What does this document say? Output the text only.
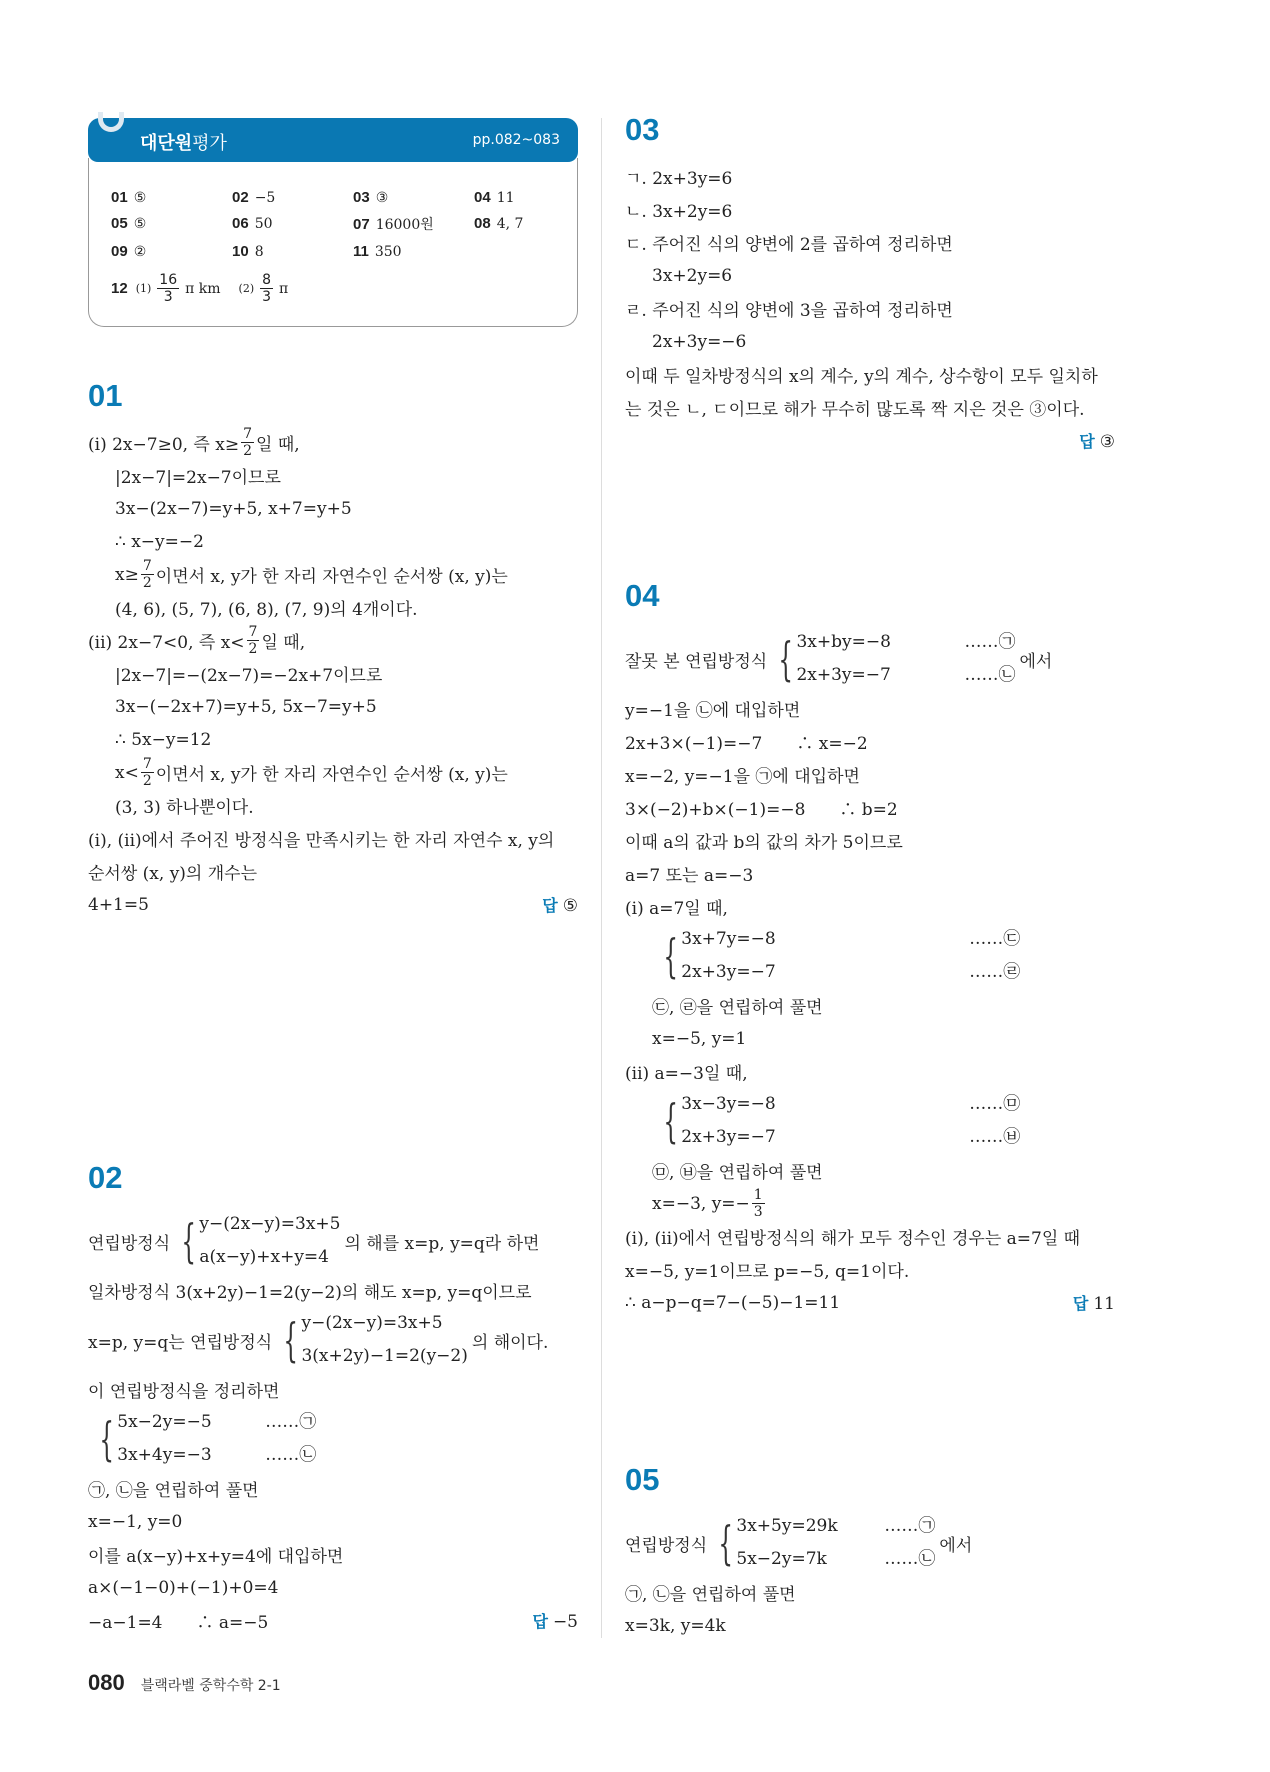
대단원평가	pp.082~083
01 ⑤	02 −5	03 ③	04 11
05 ⑤	06 50	07 16000원	08 4, 7
09 ②	10 8	11 350
12 $(1) \frac{16}{3}$ π km $(2) \frac{8}{3}$ π
01
(i) 2x−7≥0, 즉 $x\ge \frac{7}{2}$ 일 때,
|2x−7|=2x−7이므로
3x−(2x−7)=y+5, x+7=y+5
∴ x−y=−2
$x\ge \frac{7}{2}$ 이면서 x, y가 한 자리 자연수인 순서쌍 (x, y)는
(4, 6), (5, 7), (6, 8), (7, 9)의 4개이다.
(ii) 2x−7<0, 즉 $x< \frac{7}{2}$ 일 때,
|2x−7|=−(2x−7)=−2x+7이므로
3x−(−2x+7)=y+5, 5x−7=y+5
∴ 5x−y=12
$x< \frac{7}{2}$ 이면서 x, y가 한 자리 자연수인 순서쌍 (x, y)는
(3, 3) 하나뿐이다.
(i), (ii)에서 주어진 방정식을 만족시키는 한 자리 자연수 x, y의
순서쌍 (x, y)의 개수는
4+1=5	답 ⑤
02
연립방정식 { y−(2x−y)=3x+5
a(x−y)+x+y=4
의 해를 x=p, y=q라 하면
일차방정식 3(x+2y)−1=2(y−2)의 해도 x=p, y=q이므로
x=p, y=q는 연립방정식 { y−(2x−y)=3x+5
3(x+2y)−1=2(y−2)
의 해이다.
이 연립방정식을 정리하면
{ 5x−2y=−5	……㉠
3x+4y=−3	……㉡
㉠, ㉡을 연립하여 풀면
x=−1, y=0
이를 a(x−y)+x+y=4에 대입하면
a×(−1−0)+(−1)+0=4
−a−1=4　　∴ a=−5	답 −5
03
ㄱ. 2x+3y=6
ㄴ. 3x+2y=6
ㄷ. 주어진 식의 양변에 2를 곱하여 정리하면
3x+2y=6
ㄹ. 주어진 식의 양변에 3을 곱하여 정리하면
2x+3y=−6
이때 두 일차방정식의 x의 계수, y의 계수, 상수항이 모두 일치하
는 것은 ㄴ, ㄷ이므로 해가 무수히 많도록 짝 지은 것은 ③이다.
답 ③
04
잘못 본 연립방정식 { 3x+by=−8	……㉠
2x+3y=−7	……㉡
에서
y=−1을 ㉡에 대입하면
2x+3×(−1)=−7　　∴ x=−2
x=−2, y=−1을 ㉠에 대입하면
3×(−2)+b×(−1)=−8　　∴ b=2
이때 a의 값과 b의 값의 차가 5이므로
a=7 또는 a=−3
(i) a=7일 때,
{ 3x+7y=−8	……㉢
2x+3y=−7	……㉣
㉢, ㉣을 연립하여 풀면
x=−5, y=1
(ii) a=−3일 때,
{ 3x−3y=−8	……㉤
2x+3y=−7	……㉥
㉤, ㉥을 연립하여 풀면
x=−3, $y=- \frac{1}{3}$
(i), (ii)에서 연립방정식의 해가 모두 정수인 경우는 a=7일 때
x=−5, y=1이므로 p=−5, q=1이다.
∴ a−p−q=7−(−5)−1=11	답 11
05
연립방정식 { 3x+5y=29k	……㉠
5x−2y=7k	……㉡
에서
㉠, ㉡을 연립하여 풀면
x=3k, y=4k
080 블랙라벨 중학수학 2-1
